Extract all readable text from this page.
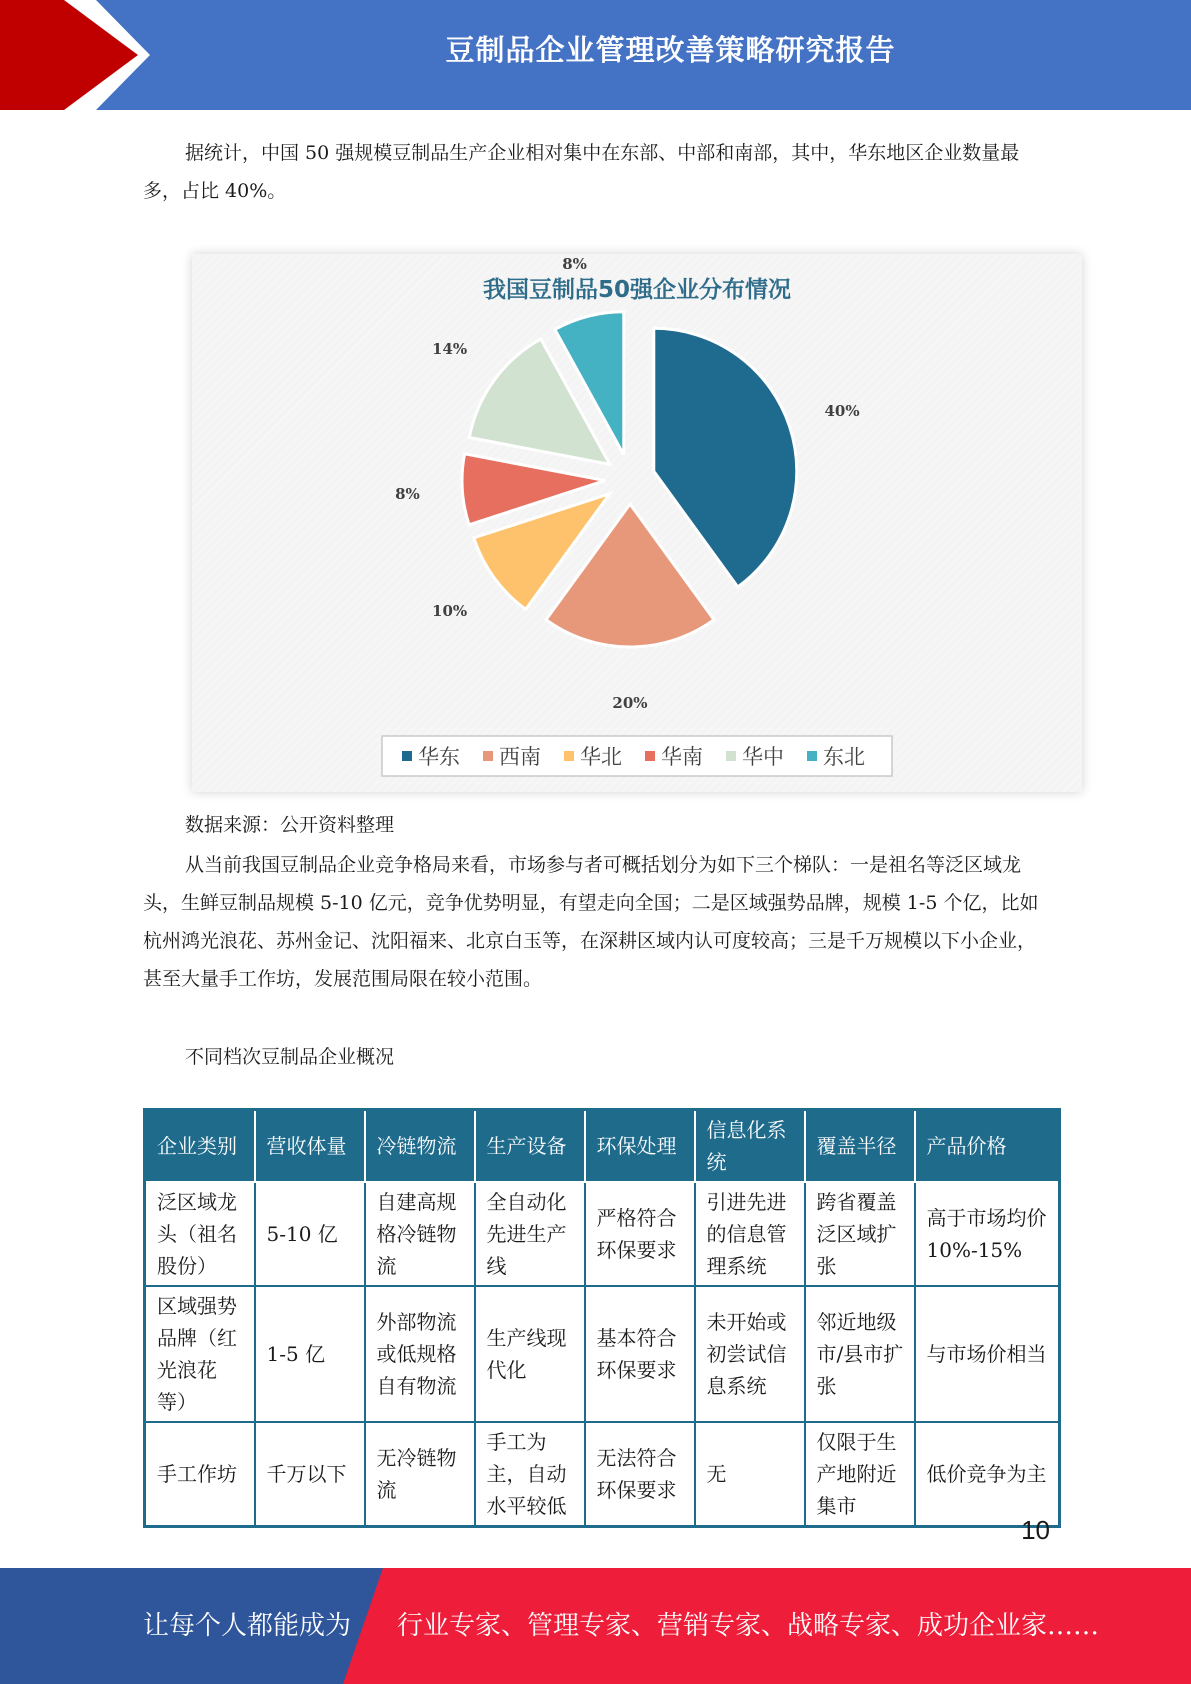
豆制品企业管理改善策略研究报告

据统计，中国 50 强规模豆制品生产企业相对集中在东部、中部和南部，其中，华东地区企业数量最多，占比 40%。

我国豆制品50强企业分布情况
40%
20%
10%
8%
14%
8%
华东 西南 华北 华南 华中 东北

数据来源：公开资料整理

从当前我国豆制品企业竞争格局来看，市场参与者可概括划分为如下三个梯队：一是祖名等泛区域龙头，生鲜豆制品规模 5-10 亿元，竞争优势明显，有望走向全国；二是区域强势品牌，规模 1-5 个亿，比如杭州鸿光浪花、苏州金记、沈阳福来、北京白玉等，在深耕区域内认可度较高；三是千万规模以下小企业，甚至大量手工作坊，发展范围局限在较小范围。

不同档次豆制品企业概况

企业类别	营收体量	冷链物流	生产设备	环保处理	信息化系统	覆盖半径	产品价格
泛区域龙头（祖名股份）	5-10 亿	自建高规格冷链物流	全自动化先进生产线	严格符合环保要求	引进先进的信息管理系统	跨省覆盖泛区域扩张	高于市场均价 10%-15%
区域强势品牌（红光浪花等）	1-5 亿	外部物流或低规格自有物流	生产线现代化	基本符合环保要求	未开始或初尝试信息系统	邻近地级市/县市扩张	与市场价相当
手工作坊	千万以下	无冷链物流	手工为主，自动水平较低	无法符合环保要求	无	仅限于生产地附近集市	低价竞争为主
10
让每个人都能成为 行业专家、管理专家、营销专家、战略专家、成功企业家……
